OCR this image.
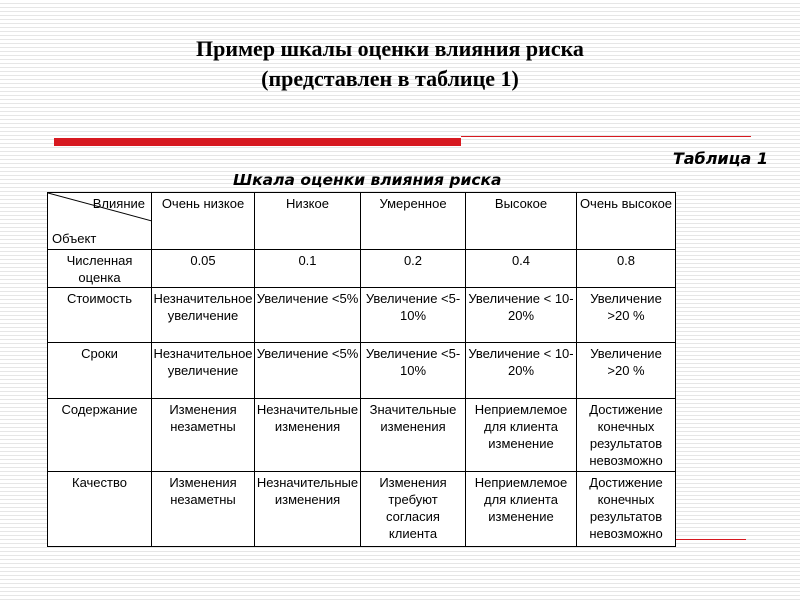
Пример шкалы оценки влияния риска
(представлен в таблице 1)
Таблица 1
Шкала оценки влияния риска
Влияние
Объект	Очень низкое	Низкое	Умеренное	Высокое	Очень высокое
Численная оценка	0.05	0.1	0.2	0.4	0.8
Стоимость	Незначительное увеличение	Увеличение <5%	Увеличение <5-10%	Увеличение < 10-20%	Увеличение >20 %
Сроки	Незначительное увеличение	Увеличение <5%	Увеличение <5-10%	Увеличение < 10-20%	Увеличение >20 %
Содержание	Изменения незаметны	Незначительные изменения	Значительные изменения	Неприемлемое для клиента изменение	Достижение конечных результатов невозможно
Качество	Изменения незаметны	Незначительные изменения	Изменения требуют согласия клиента	Неприемлемое для клиента изменение	Достижение конечных результатов невозможно
